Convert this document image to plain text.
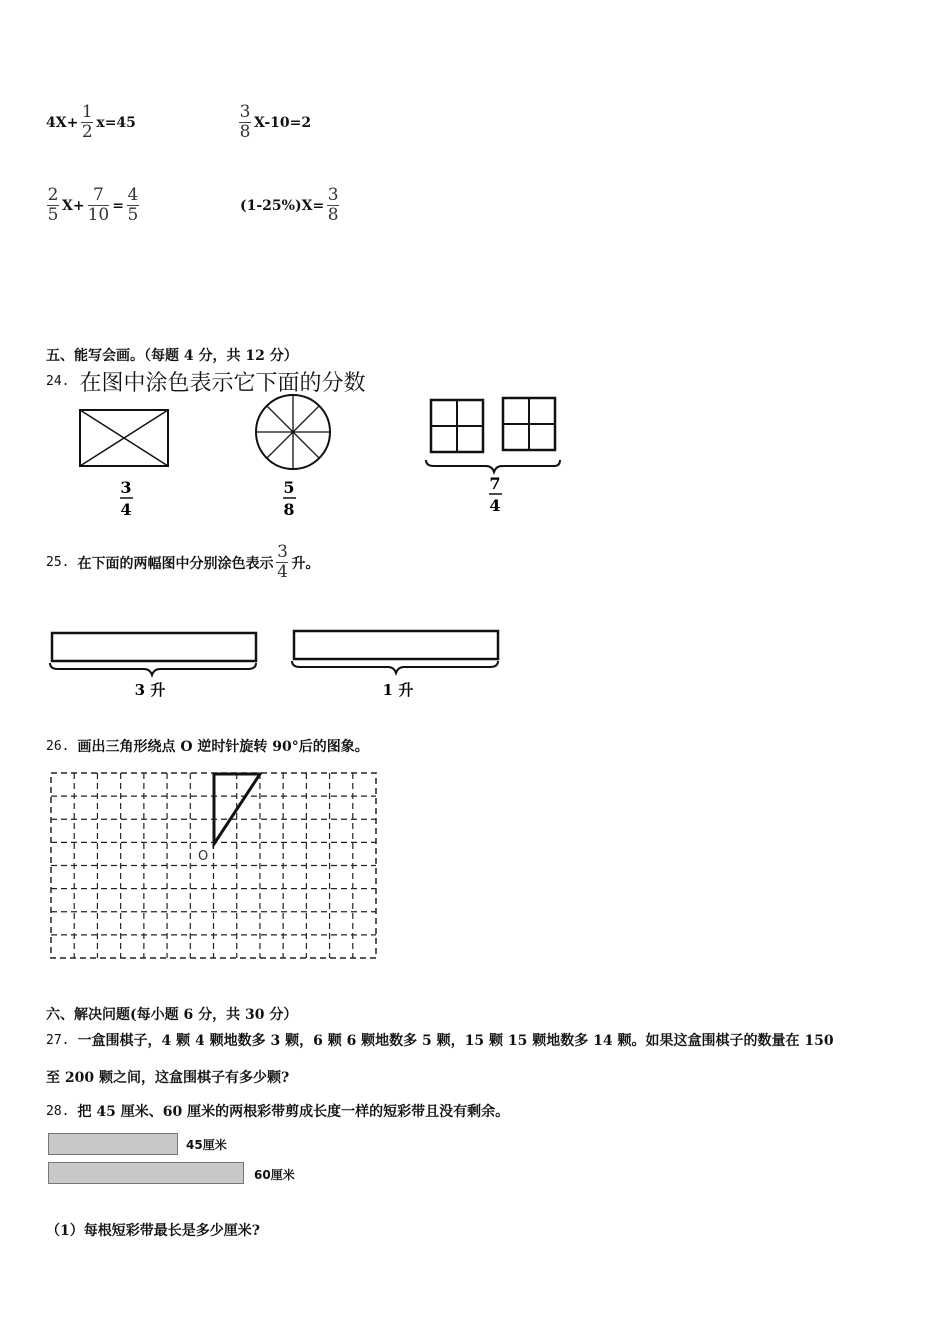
$4X+ \frac{1}{2} x=45$	$\frac{3}{8} X-10=2$
$\frac{2}{5} X+ \frac{7}{10} = \frac{4}{5}$	$(1-25\%)X= \frac{3}{8}$
五、能写会画。（每题 4 分，共 12 分）
24. 在图中涂色表示它下面的分数
3
4
5
8
7
4
25. 在下面的两幅图中分别涂色表示 $\frac{3}{4}$ 升。
3 升	1 升
26. 画出三角形绕点 O 逆时针旋转 90°后的图象。
O
六、解决问题(每小题 6 分，共 30 分）
27. 一盒围棋子，4 颗 4 颗地数多 3 颗，6 颗 6 颗地数多 5 颗，15 颗 15 颗地数多 14 颗。如果这盒围棋子的数量在 150
至 200 颗之间，这盒围棋子有多少颗?
28. 把 45 厘米、60 厘米的两根彩带剪成长度一样的短彩带且没有剩余。
45厘米
60厘米
（1）每根短彩带最长是多少厘米?
